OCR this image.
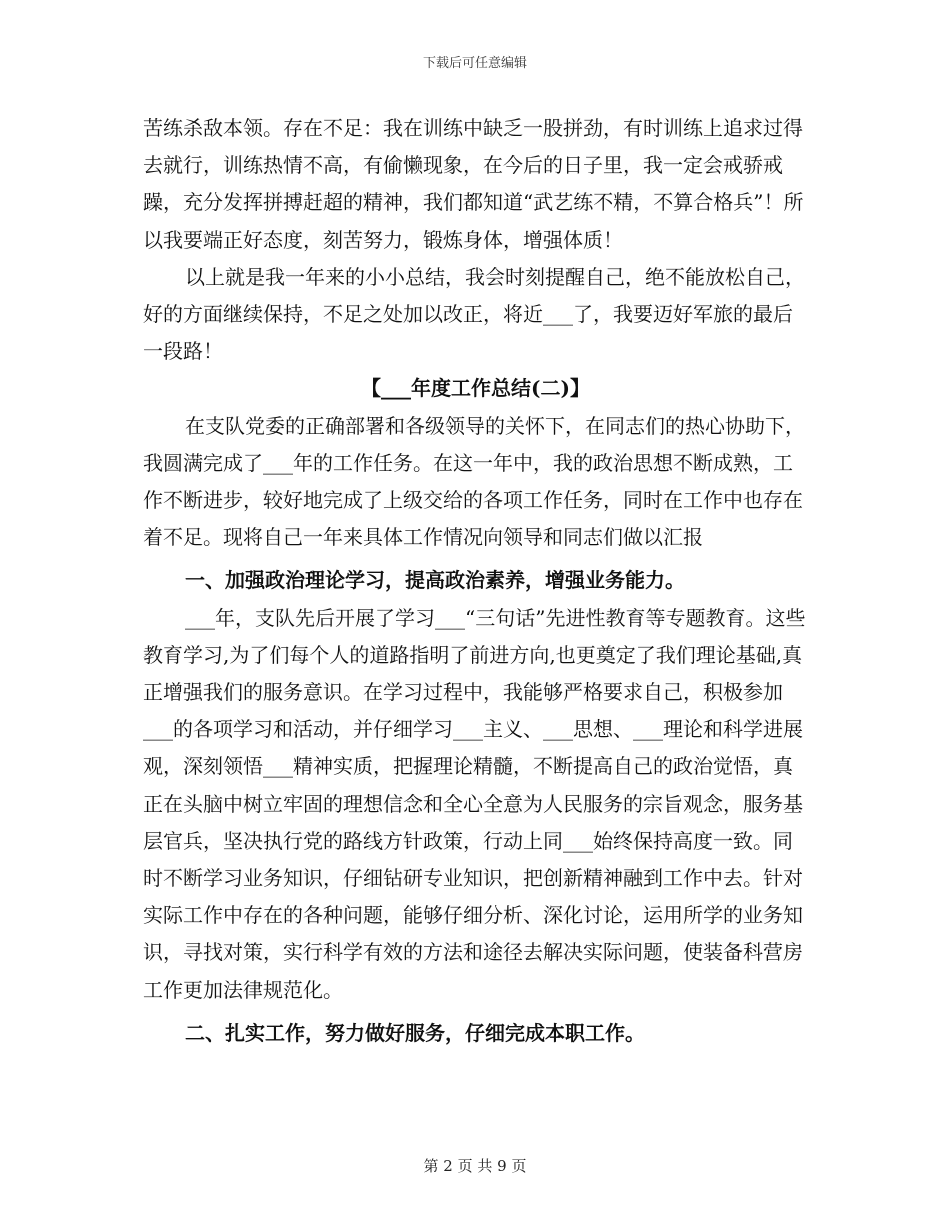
下载后可任意编辑

苦练杀敌本领。存在不足：我在训练中缺乏一股拼劲，有时训练上追求过得去就行，训练热情不高，有偷懒现象，在今后的日子里，我一定会戒骄戒躁，充分发挥拼搏赶超的精神，我们都知道“武艺练不精，不算合格兵”！所以我要端正好态度，刻苦努力，锻炼身体，增强体质！

以上就是我一年来的小小总结，我会时刻提醒自己，绝不能放松自己，好的方面继续保持，不足之处加以改正，将近___了，我要迈好军旅的最后一段路！

【___年度工作总结(二)】

在支队党委的正确部署和各级领导的关怀下，在同志们的热心协助下，我圆满完成了___年的工作任务。在这一年中，我的政治思想不断成熟，工作不断进步，较好地完成了上级交给的各项工作任务，同时在工作中也存在着不足。现将自己一年来具体工作情况向领导和同志们做以汇报

一、加强政治理论学习，提高政治素养，增强业务能力。

___年，支队先后开展了学习___“三句话”先进性教育等专题教育。这些教育学习,为了们每个人的道路指明了前进方向,也更奠定了我们理论基础,真正增强我们的服务意识。在学习过程中，我能够严格要求自己，积极参加___的各项学习和活动，并仔细学习___主义、___思想、___理论和科学进展观，深刻领悟___精神实质，把握理论精髓，不断提高自己的政治觉悟，真正在头脑中树立牢固的理想信念和全心全意为人民服务的宗旨观念，服务基层官兵，坚决执行党的路线方针政策，行动上同___始终保持高度一致。同时不断学习业务知识，仔细钻研专业知识，把创新精神融到工作中去。针对实际工作中存在的各种问题，能够仔细分析、深化讨论，运用所学的业务知识，寻找对策，实行科学有效的方法和途径去解决实际问题，使装备科营房工作更加法律规范化。

二、扎实工作，努力做好服务，仔细完成本职工作。

第 2 页 共 9 页
